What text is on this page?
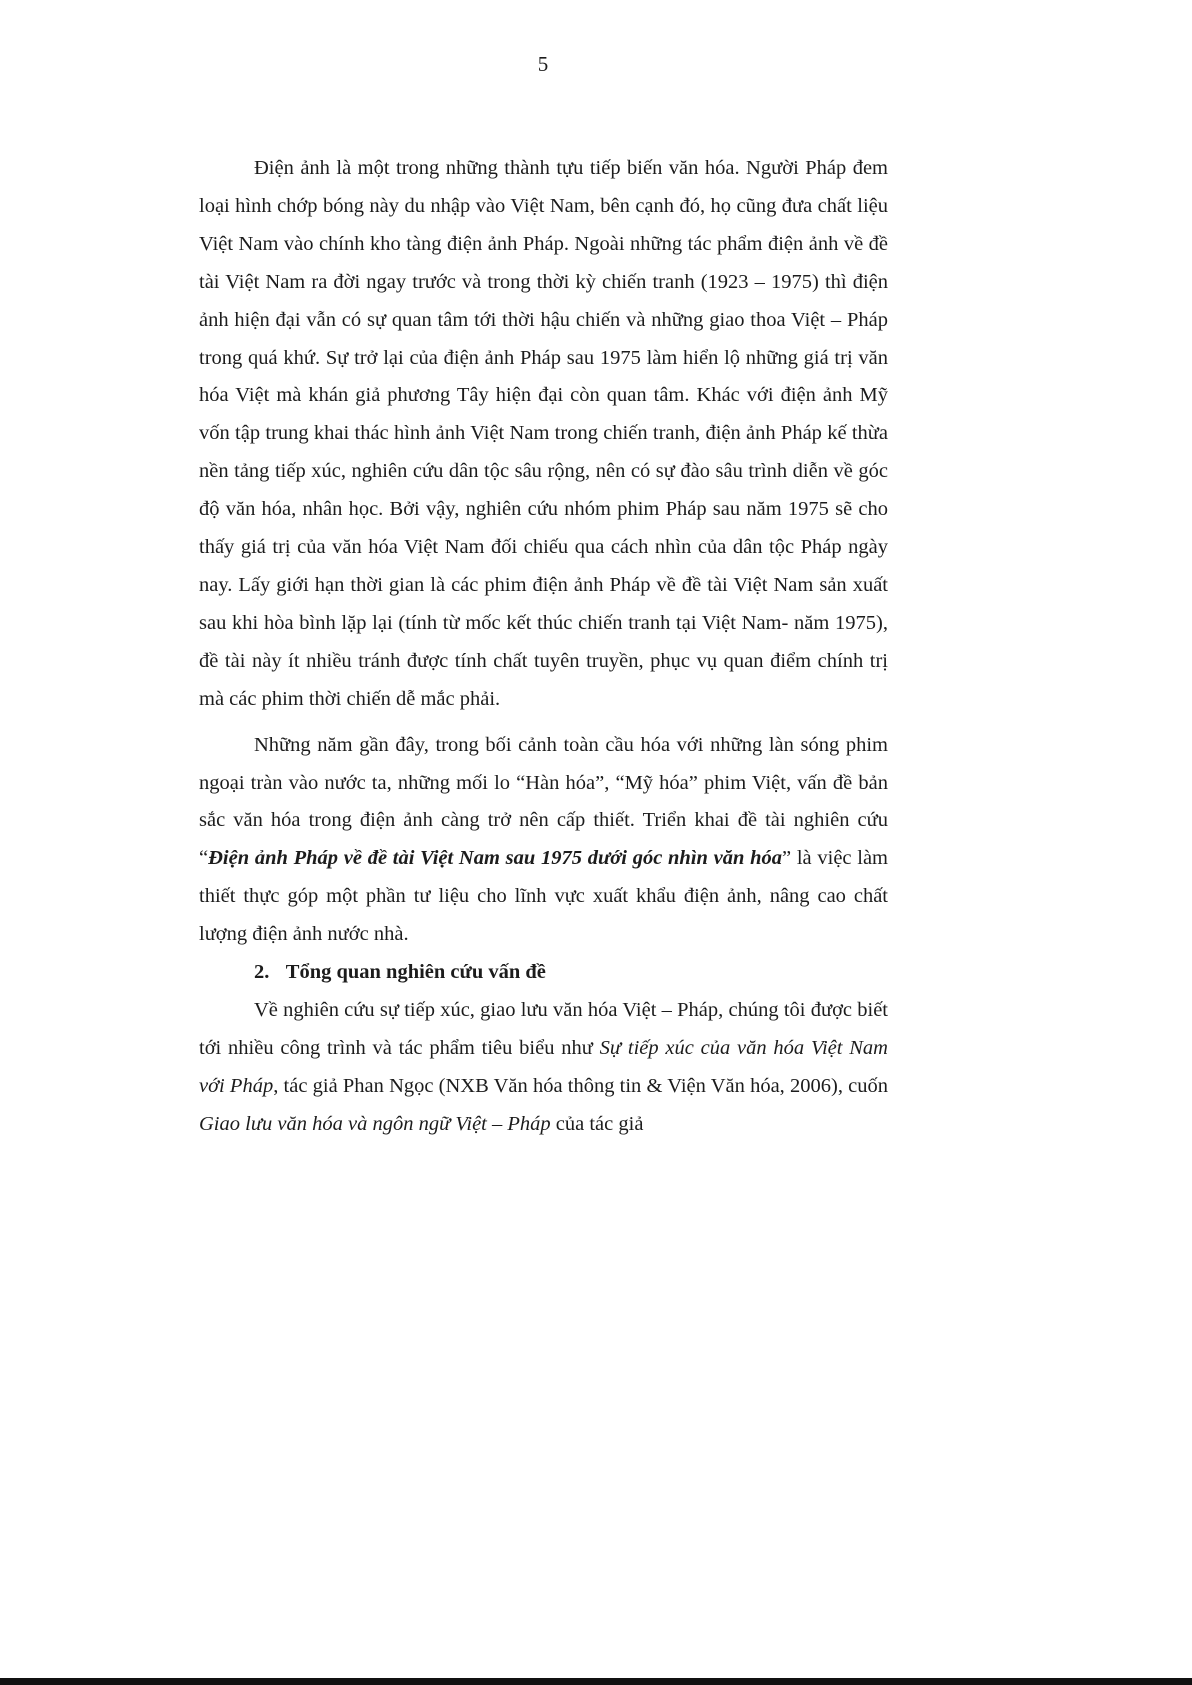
5

Điện ảnh là một trong những thành tựu tiếp biến văn hóa. Người Pháp đem loại hình chớp bóng này du nhập vào Việt Nam, bên cạnh đó, họ cũng đưa chất liệu Việt Nam vào chính kho tàng điện ảnh Pháp. Ngoài những tác phẩm điện ảnh về đề tài Việt Nam ra đời ngay trước và trong thời kỳ chiến tranh (1923 – 1975) thì điện ảnh hiện đại vẫn có sự quan tâm tới thời hậu chiến và những giao thoa Việt – Pháp trong quá khứ. Sự trở lại của điện ảnh Pháp sau 1975 làm hiển lộ những giá trị văn hóa Việt mà khán giả phương Tây hiện đại còn quan tâm. Khác với điện ảnh Mỹ vốn tập trung khai thác hình ảnh Việt Nam trong chiến tranh, điện ảnh Pháp kế thừa nền tảng tiếp xúc, nghiên cứu dân tộc sâu rộng, nên có sự đào sâu trình diễn về góc độ văn hóa, nhân học. Bởi vậy, nghiên cứu nhóm phim Pháp sau năm 1975 sẽ cho thấy giá trị của văn hóa Việt Nam đối chiếu qua cách nhìn của dân tộc Pháp ngày nay. Lấy giới hạn thời gian là các phim điện ảnh Pháp về đề tài Việt Nam sản xuất sau khi hòa bình lặp lại (tính từ mốc kết thúc chiến tranh tại Việt Nam- năm 1975), đề tài này ít nhiều tránh được tính chất tuyên truyền, phục vụ quan điểm chính trị mà các phim thời chiến dễ mắc phải.

Những năm gần đây, trong bối cảnh toàn cầu hóa với những làn sóng phim ngoại tràn vào nước ta, những mối lo “Hàn hóa”, “Mỹ hóa” phim Việt, vấn đề bản sắc văn hóa trong điện ảnh càng trở nên cấp thiết. Triển khai đề tài nghiên cứu “Điện ảnh Pháp về đề tài Việt Nam sau 1975 dưới góc nhìn văn hóa” là việc làm thiết thực góp một phần tư liệu cho lĩnh vực xuất khẩu điện ảnh, nâng cao chất lượng điện ảnh nước nhà.

2. Tổng quan nghiên cứu vấn đề

Về nghiên cứu sự tiếp xúc, giao lưu văn hóa Việt – Pháp, chúng tôi được biết tới nhiều công trình và tác phẩm tiêu biểu như Sự tiếp xúc của văn hóa Việt Nam với Pháp, tác giả Phan Ngọc (NXB Văn hóa thông tin & Viện Văn hóa, 2006), cuốn Giao lưu văn hóa và ngôn ngữ Việt – Pháp của tác giả
